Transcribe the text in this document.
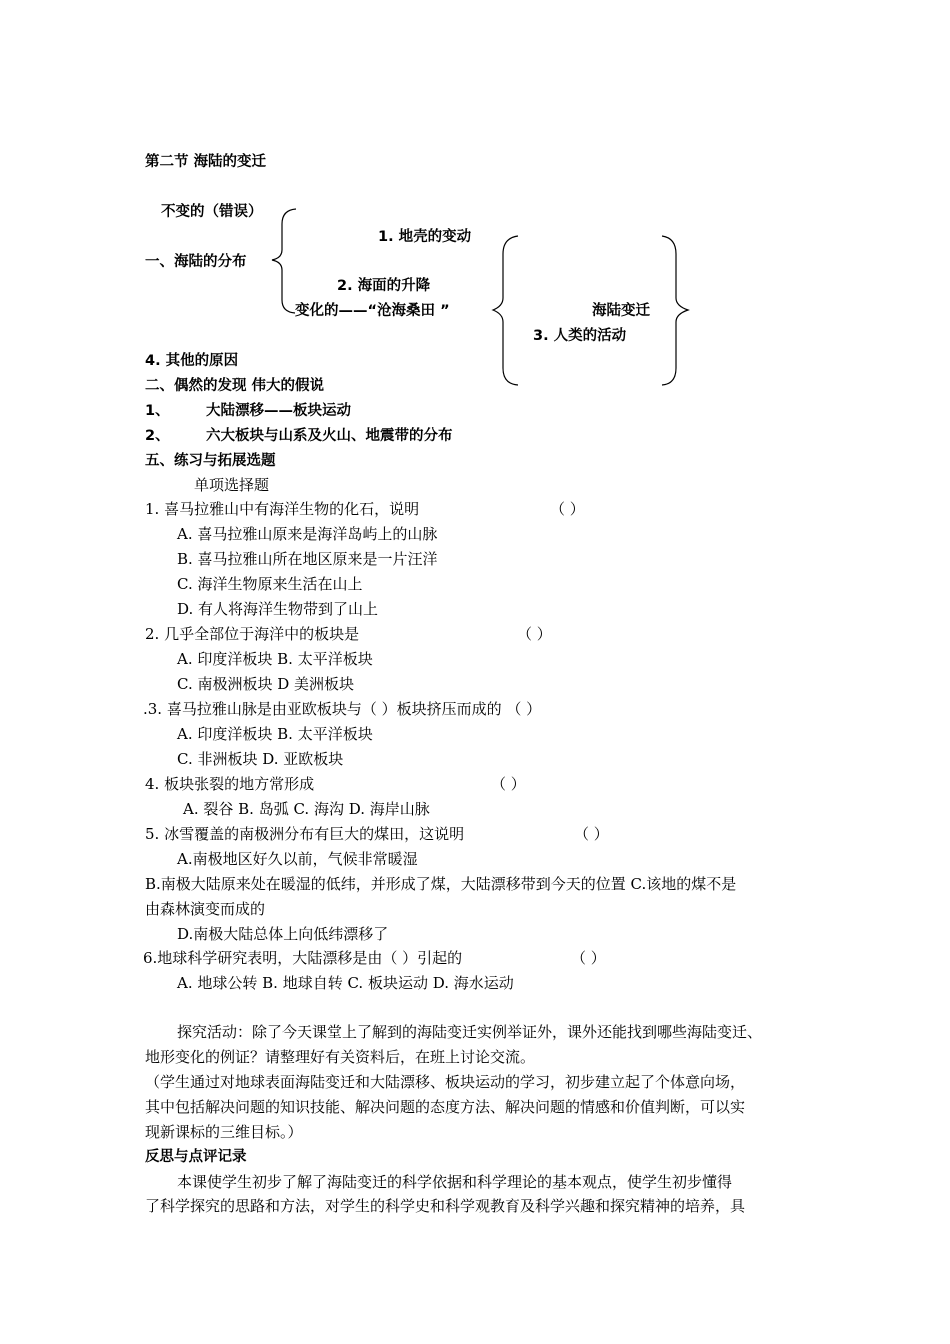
第二节 海陆的变迁
不变的（错误）
1. 地壳的变动
一、海陆的分布
2. 海面的升降
变化的——“沧海桑田 ”	海陆变迁
3. 人类的活动
4. 其他的原因
二、偶然的发现 伟大的假说
1、	大陆漂移——板块运动
2、	六大板块与山系及火山、地震带的分布
五、练习与拓展选题
单项选择题
1. 喜马拉雅山中有海洋生物的化石，说明	（ ）
A. 喜马拉雅山原来是海洋岛屿上的山脉
B. 喜马拉雅山所在地区原来是一片汪洋
C. 海洋生物原来生活在山上
D. 有人将海洋生物带到了山上
2. 几乎全部位于海洋中的板块是	（ ）
A. 印度洋板块 B. 太平洋板块
C. 南极洲板块 D 美洲板块
.3. 喜马拉雅山脉是由亚欧板块与（ ）板块挤压而成的 （ ）
A. 印度洋板块 B. 太平洋板块
C. 非洲板块 D. 亚欧板块
4. 板块张裂的地方常形成	（ ）
A. 裂谷 B. 岛弧 C. 海沟 D. 海岸山脉
5. 冰雪覆盖的南极洲分布有巨大的煤田，这说明	（ ）
A.南极地区好久以前，气候非常暖湿
B.南极大陆原来处在暖湿的低纬，并形成了煤，大陆漂移带到今天的位置 C.该地的煤不是
由森林演变而成的
D.南极大陆总体上向低纬漂移了
6.地球科学研究表明，大陆漂移是由（ ）引起的	（ ）
A. 地球公转 B. 地球自转 C. 板块运动 D. 海水运动
探究活动：除了今天课堂上了解到的海陆变迁实例举证外，课外还能找到哪些海陆变迁、
地形变化的例证？请整理好有关资料后，在班上讨论交流。
（学生通过对地球表面海陆变迁和大陆漂移、板块运动的学习，初步建立起了个体意向场，
其中包括解决问题的知识技能、解决问题的态度方法、解决问题的情感和价值判断，可以实
现新课标的三维目标。）
反思与点评记录
本课使学生初步了解了海陆变迁的科学依据和科学理论的基本观点，使学生初步懂得
了科学探究的思路和方法，对学生的科学史和科学观教育及科学兴趣和探究精神的培养，具
